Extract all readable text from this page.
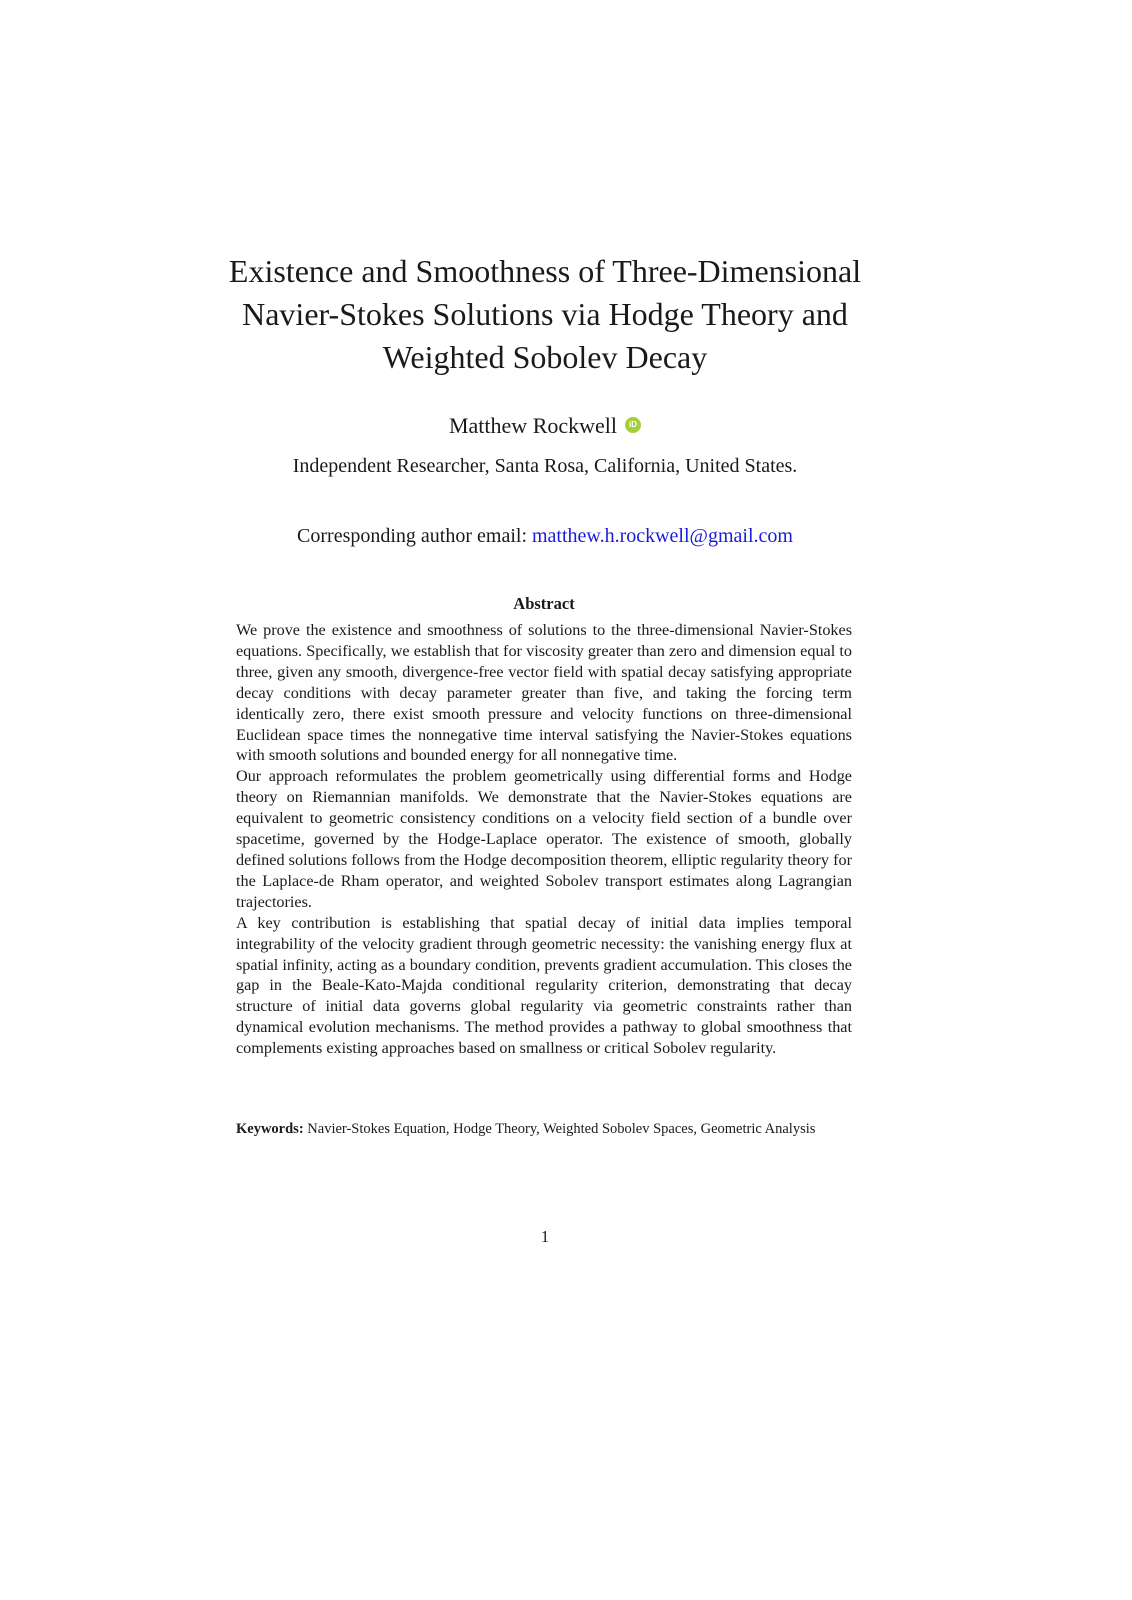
Existence and Smoothness of Three-Dimensional
Navier-Stokes Solutions via Hodge Theory and
Weighted Sobolev Decay
Matthew Rockwell	iD
Independent Researcher, Santa Rosa, California, United States.
Corresponding author email: matthew.h.rockwell@gmail.com
Abstract

We prove the existence and smoothness of solutions to the three-dimensional Navier-Stokes equations. Specifically, we establish that for viscosity greater than zero and dimension equal to three, given any smooth, divergence-free vector field with spatial decay satisfying appropriate decay conditions with decay parameter greater than five, and taking the forcing term identically zero, there exist smooth pressure and velocity functions on three-dimensional Euclidean space times the nonnegative time interval satisfying the Navier-Stokes equations with smooth solutions and bounded energy for all nonnegative time.

Our approach reformulates the problem geometrically using differential forms and Hodge theory on Riemannian manifolds. We demonstrate that the Navier-Stokes equations are equivalent to geometric consistency conditions on a velocity field section of a bundle over spacetime, governed by the Hodge-Laplace operator. The existence of smooth, globally defined solutions follows from the Hodge decomposition theorem, elliptic regularity theory for the Laplace-de Rham operator, and weighted Sobolev transport estimates along Lagrangian trajectories.

A key contribution is establishing that spatial decay of initial data implies temporal integrability of the velocity gradient through geometric necessity: the vanishing energy flux at spatial infinity, acting as a boundary condition, prevents gradient accumulation. This closes the gap in the Beale-Kato-Majda conditional regularity criterion, demonstrating that decay structure of initial data governs global regularity via geometric constraints rather than dynamical evolution mechanisms. The method provides a pathway to global smoothness that complements existing approaches based on smallness or critical Sobolev regularity.

Keywords: Navier-Stokes Equation, Hodge Theory, Weighted Sobolev Spaces, Geometric Analysis
1
